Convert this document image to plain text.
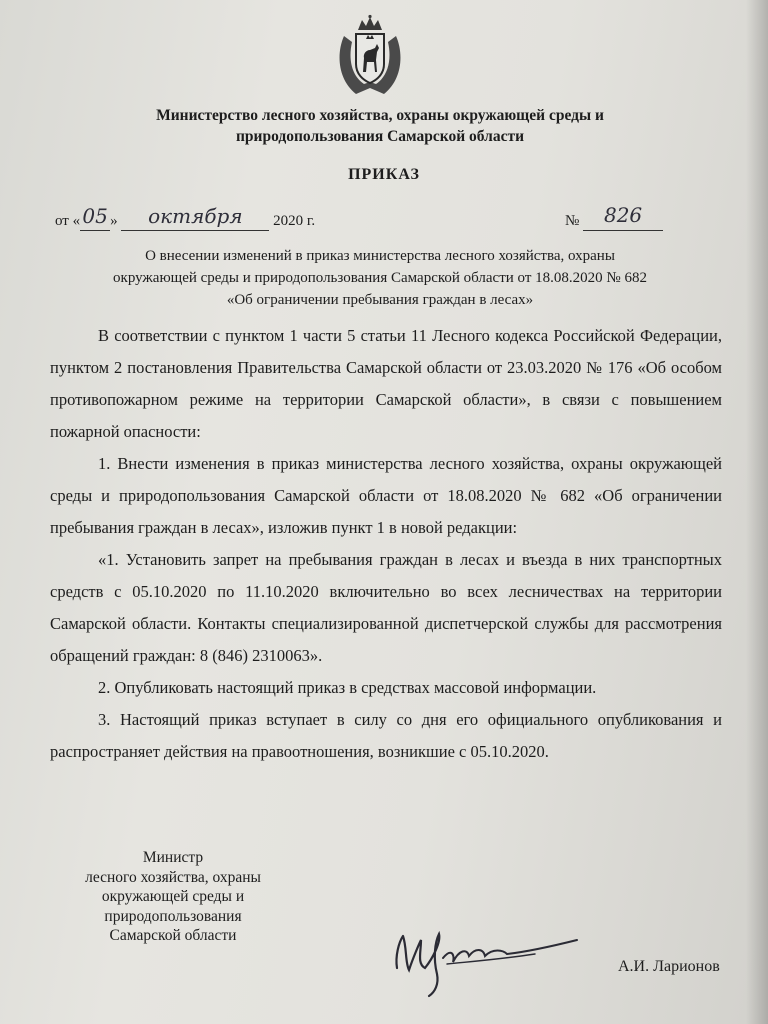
Министерство лесного хозяйства, охраны окружающей среды и
природопользования Самарской области
ПРИКАЗ
от « 05 » октября 2020 г.	№ 826
О внесении изменений в приказ министерства лесного хозяйства, охраны
окружающей среды и природопользования Самарской области от 18.08.2020 № 682
«Об ограничении пребывания граждан в лесах»

В соответствии с пунктом 1 части 5 статьи 11 Лесного кодекса Российской Федерации, пунктом 2 постановления Правительства Самарской области от 23.03.2020 № 176 «Об особом противопожарном режиме на территории Самарской области», в связи с повышением пожарной опасности:

1. Внести изменения в приказ министерства лесного хозяйства, охраны окружающей среды и природопользования Самарской области от 18.08.2020 № 682 «Об ограничении пребывания граждан в лесах», изложив пункт 1 в новой редакции:

«1. Установить запрет на пребывания граждан в лесах и въезда в них транспортных средств с 05.10.2020 по 11.10.2020 включительно во всех лесничествах на территории Самарской области. Контакты специализированной диспетчерской службы для рассмотрения обращений граждан: 8 (846) 2310063».

2. Опубликовать настоящий приказ в средствах массовой информации.

3. Настоящий приказ вступает в силу со дня его официального опубликования и распространяет действия на правоотношения, возникшие с 05.10.2020.

Министр
лесного хозяйства, охраны
окружающей среды и
природопользования
Самарской области
А.И. Ларионов
